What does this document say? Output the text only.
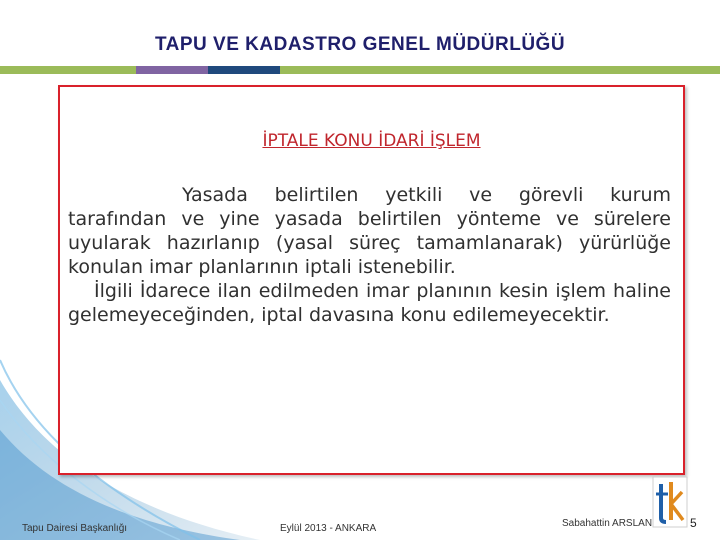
TAPU VE KADASTRO GENEL MÜDÜRLÜĞÜ
İPTALE KONU İDARİ İŞLEM

Yasada belirtilen yetkili ve görevli kurum tarafından ve yine yasada belirtilen yönteme ve sürelere uyularak hazırlanıp (yasal süreç tamamlanarak) yürürlüğe konulan imar planlarının iptali istenebilir.

İlgili İdarece ilan edilmeden imar planının kesin işlem haline gelemeyeceğinden, iptal davasına konu edilemeyecektir.

Tapu Dairesi Başkanlığı	Eylül 2013 - ANKARA	Sabahattin ARSLAN	5
